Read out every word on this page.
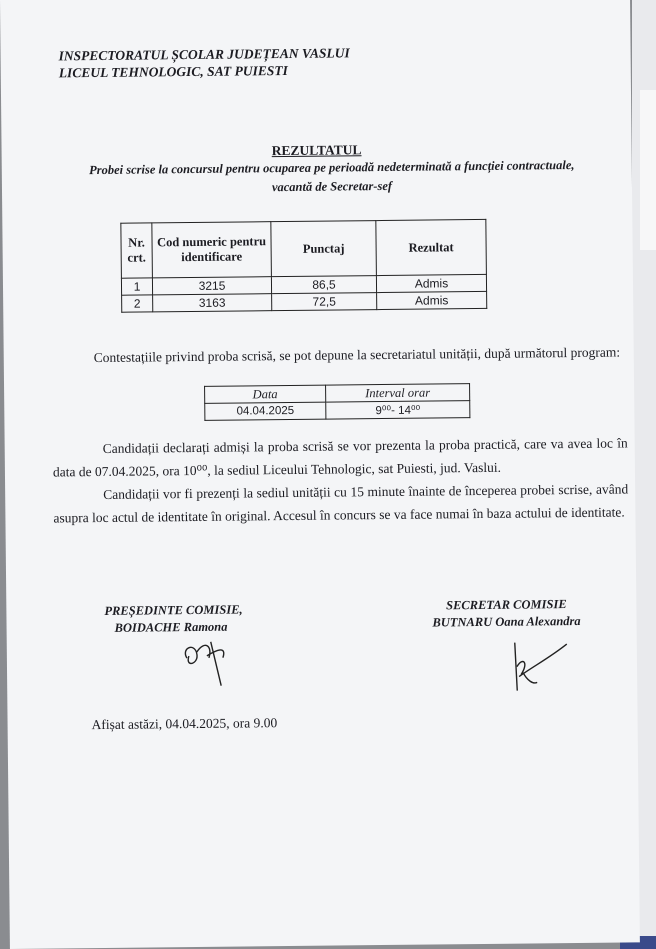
INSPECTORATUL ȘCOLAR JUDEȚEAN VASLUI
LICEUL TEHNOLOGIC, SAT PUIESTI
REZULTATUL
Probei scrise la concursul pentru ocuparea pe perioadă nedeterminată a funcției contractuale, vacantă de Secretar-sef
Nr. crt.	Cod numeric pentru identificare	Punctaj	Rezultat
1	3215	86,5	Admis
2	3163	72,5	Admis
Contestațiile privind proba scrisă, se pot depune la secretariatul unității, după următorul program:
Data	Interval orar
04.04.2025	9⁰⁰- 14⁰⁰
Candidații declarați admiși la proba scrisă se vor prezenta la proba practică, care va avea loc în data de 07.04.2025, ora 10⁰⁰, la sediul Liceului Tehnologic, sat Puiesti, jud. Vaslui.
Candidații vor fi prezenți la sediul unității cu 15 minute înainte de începerea probei scrise, având asupra loc actul de identitate în original. Accesul în concurs se va face numai în baza actului de identitate.
PREȘEDINTE COMISIE,
BOIDACHE Ramona
SECRETAR COMISIE
BUTNARU Oana Alexandra
Afișat astăzi, 04.04.2025, ora 9.00
